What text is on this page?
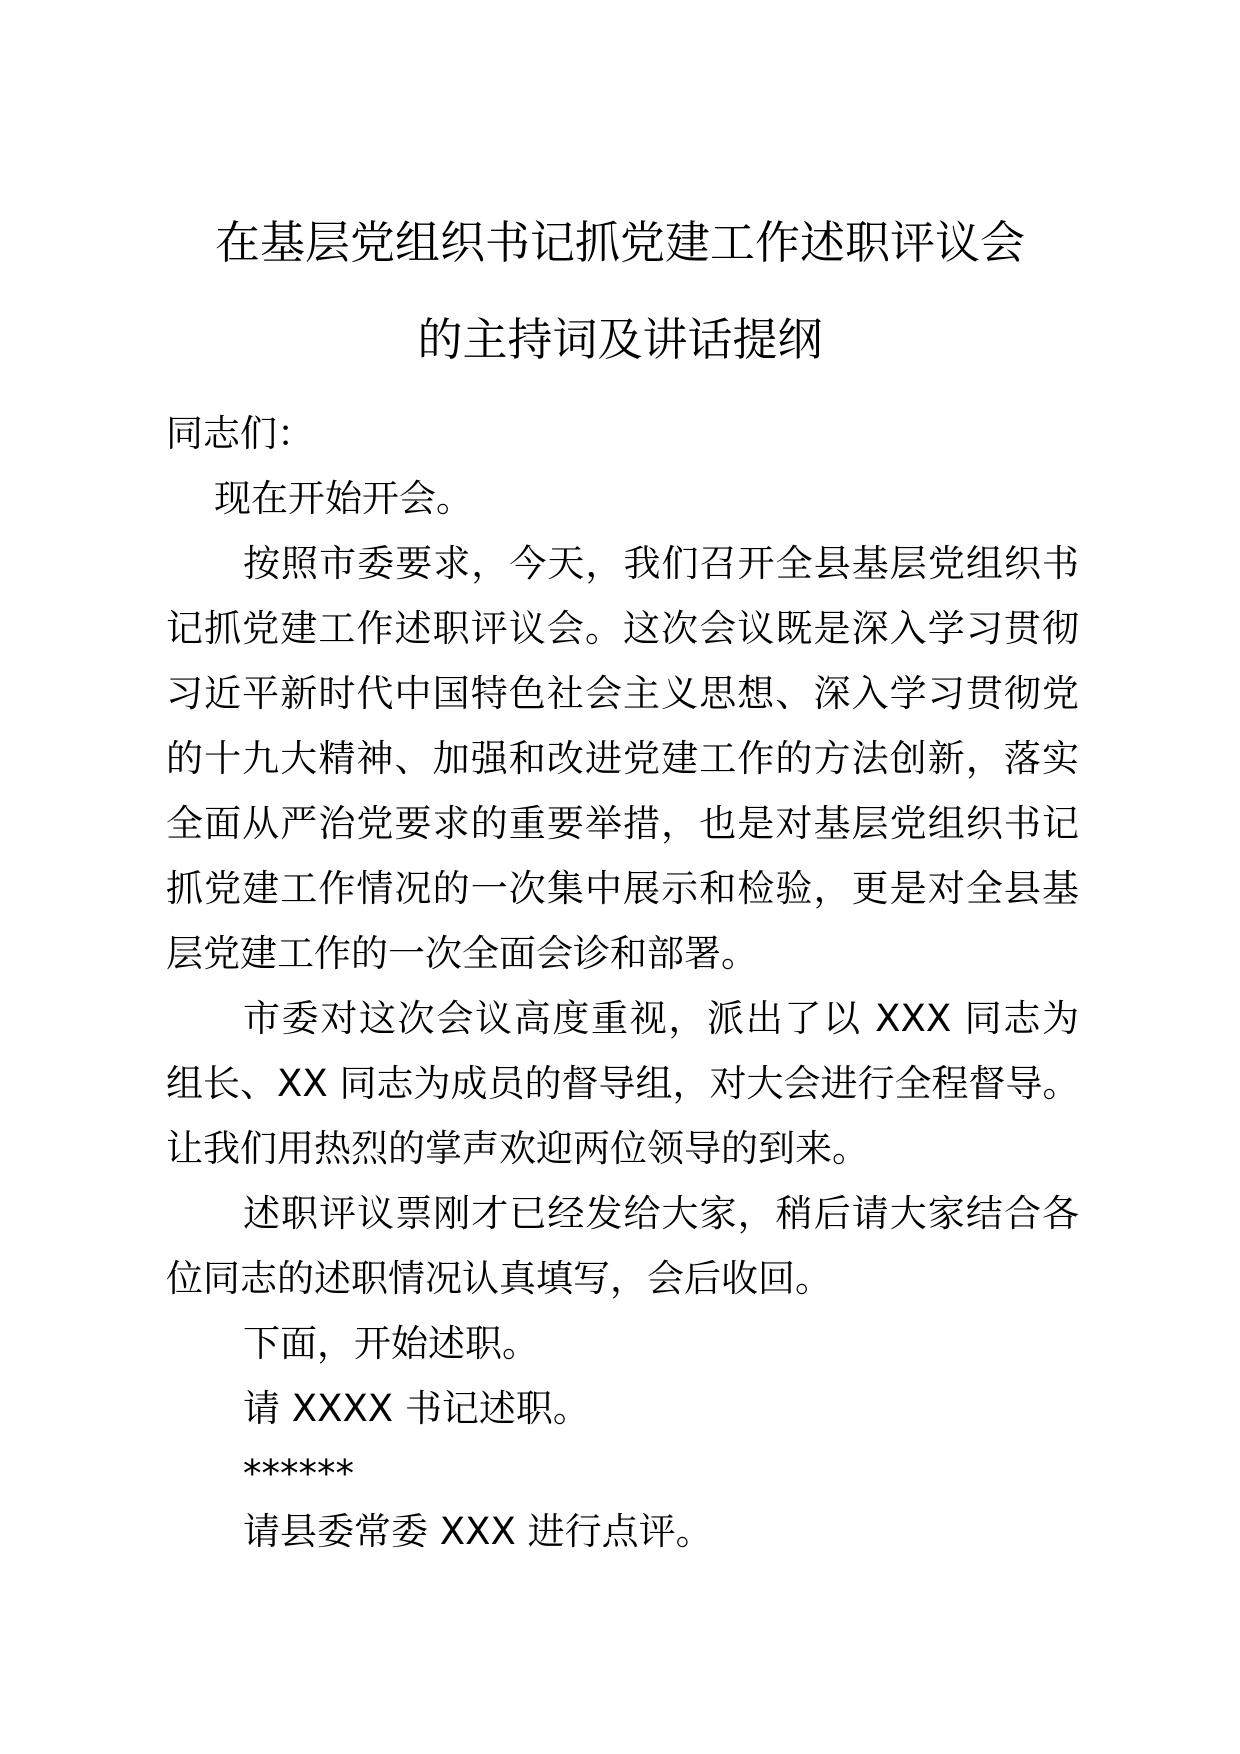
在基层党组织书记抓党建工作述职评议会
的主持词及讲话提纲
同志们：
现在开始开会。
按照市委要求，今天，我们召开全县基层党组织书
记抓党建工作述职评议会。这次会议既是深入学习贯彻
习近平新时代中国特色社会主义思想、深入学习贯彻党
的十九大精神、加强和改进党建工作的方法创新，落实
全面从严治党要求的重要举措，也是对基层党组织书记
抓党建工作情况的一次集中展示和检验，更是对全县基
层党建工作的一次全面会诊和部署。
市委对这次会议高度重视，派出了以 XXX 同志为
组长、XX 同志为成员的督导组，对大会进行全程督导。
让我们用热烈的掌声欢迎两位领导的到来。
述职评议票刚才已经发给大家，稍后请大家结合各
位同志的述职情况认真填写，会后收回。
下面，开始述职。
请 XXXX 书记述职。
******
请县委常委 XXX 进行点评。
